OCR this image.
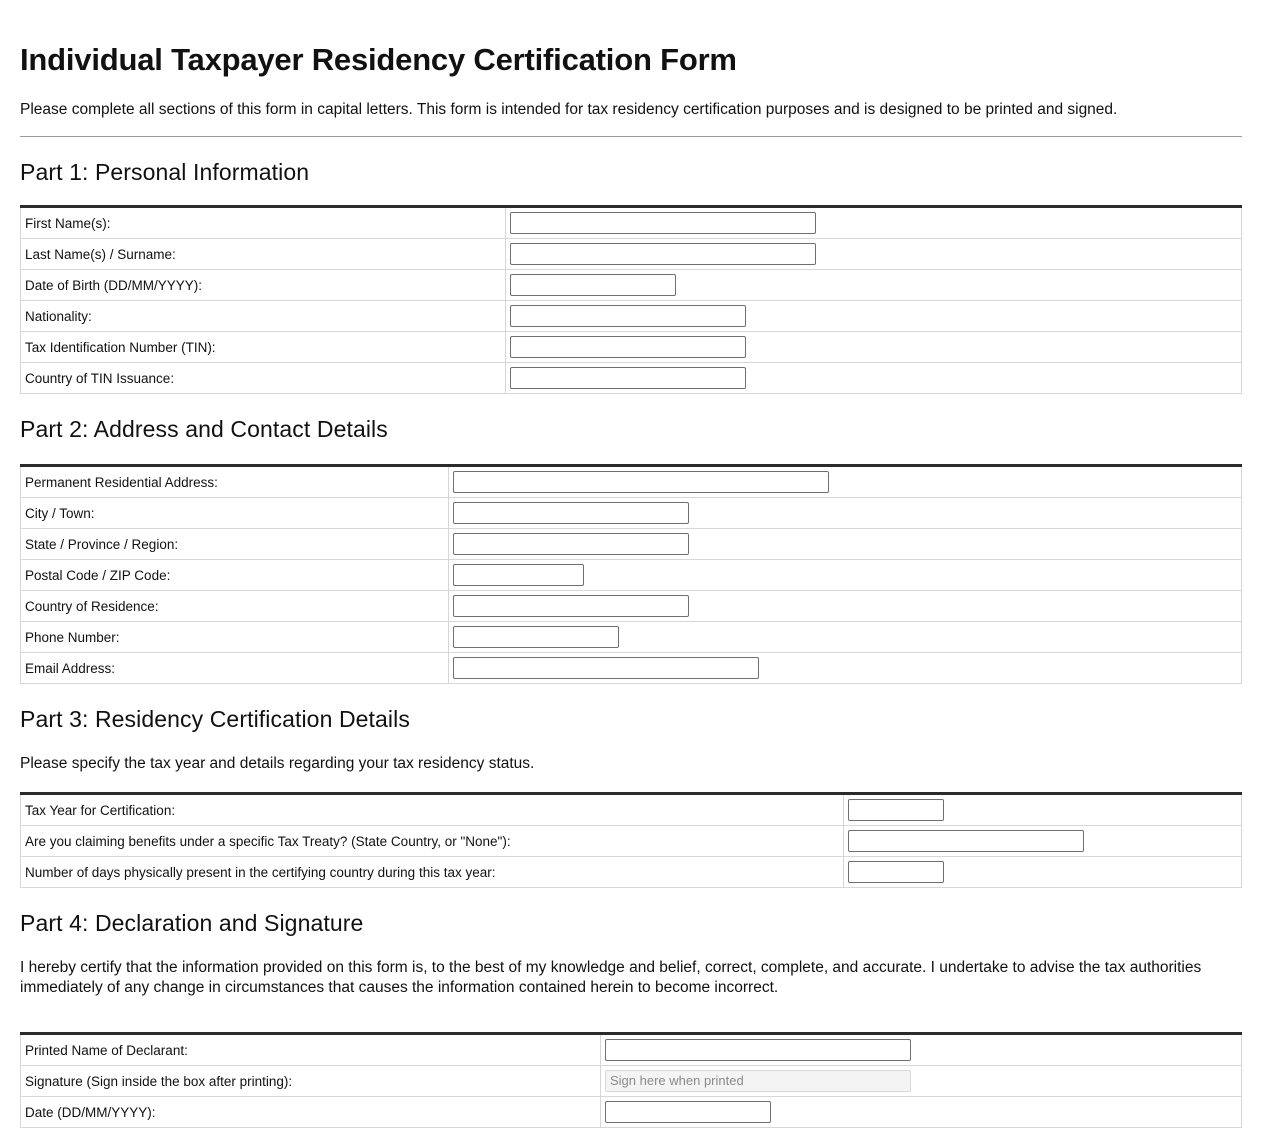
Individual Taxpayer Residency Certification Form

Please complete all sections of this form in capital letters. This form is intended for tax residency certification purposes and is designed to be printed and signed.

Part 1: Personal Information
First Name(s):	

Last Name(s) / Surname:	

Date of Birth (DD/MM/YYYY):	

Nationality:	

Tax Identification Number (TIN):	

Country of TIN Issuance:	
Part 2: Address and Contact Details
Permanent Residential Address:	

City / Town:	

State / Province / Region:	

Postal Code / ZIP Code:	

Country of Residence:	

Phone Number:	

Email Address:	
Part 3: Residency Certification Details

Please specify the tax year and details regarding your tax residency status.

Tax Year for Certification:	

Are you claiming benefits under a specific Tax Treaty? (State Country, or "None"):	

Number of days physically present in the certifying country during this tax year:	
Part 4: Declaration and Signature

I hereby certify that the information provided on this form is, to the best of my knowledge and belief, correct, complete, and accurate. I undertake to advise the tax authorities immediately of any change in circumstances that causes the information contained herein to become incorrect.

Printed Name of Declarant:	

Signature (Sign inside the box after printing):	Sign here when printed

Date (DD/MM/YYYY):	
